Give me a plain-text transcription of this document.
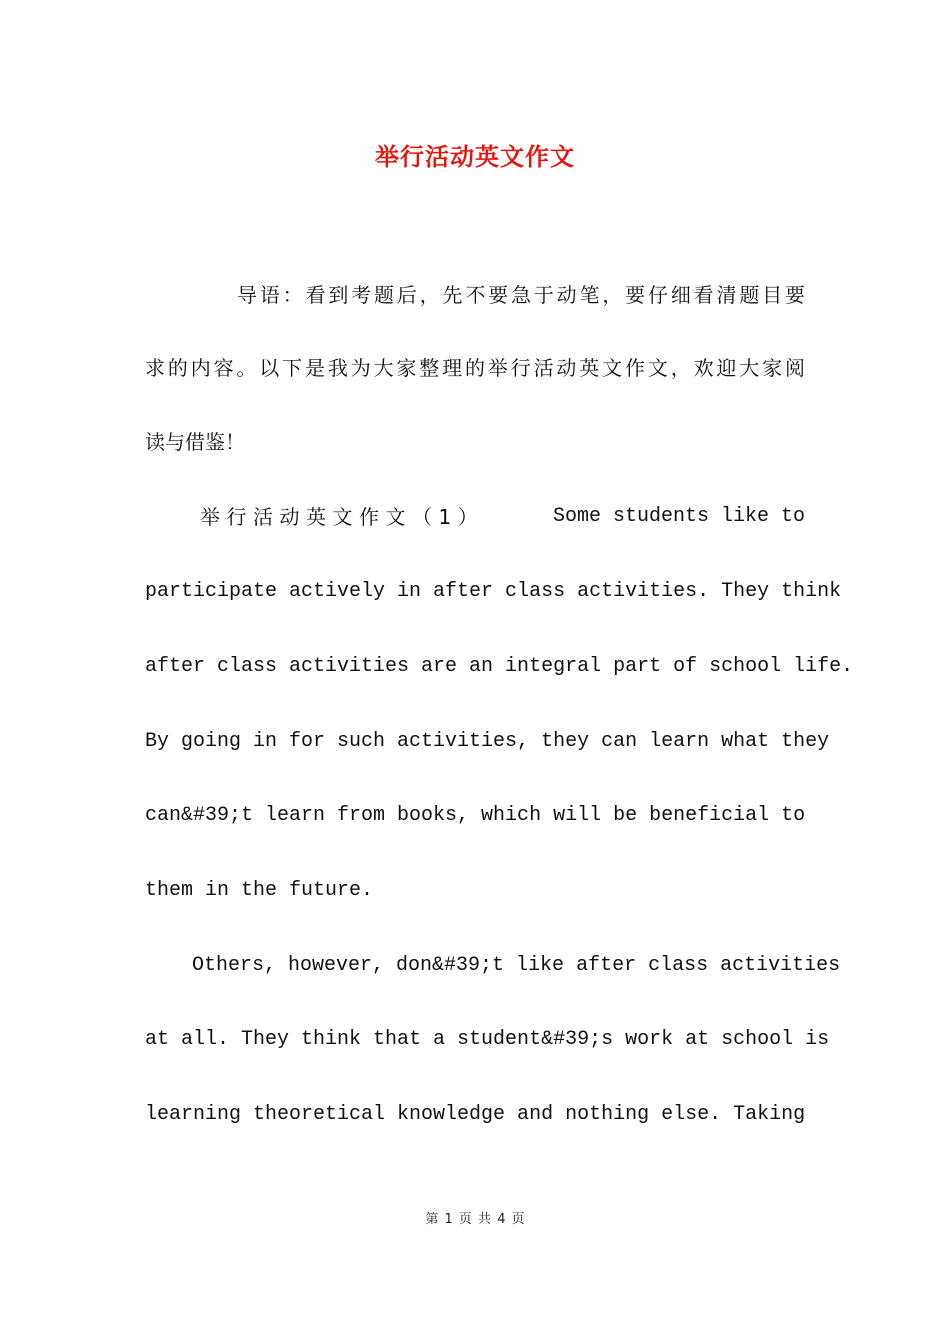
举行活动英文作文
导语：看到考题后，先不要急于动笔，要仔细看清题目要
求的内容。以下是我为大家整理的举行活动英文作文，欢迎大家阅
读与借鉴！
举行活动英文作文（1）	Some students like to
participate actively in after class activities. They think
after class activities are an integral part of school life.
By going in for such activities, they can learn what they
can&#39;t learn from books, which will be beneficial to
them in the future.
Others, however, don&#39;t like after class activities
at all. They think that a student&#39;s work at school is
learning theoretical knowledge and nothing else. Taking
第 1 页 共 4 页
